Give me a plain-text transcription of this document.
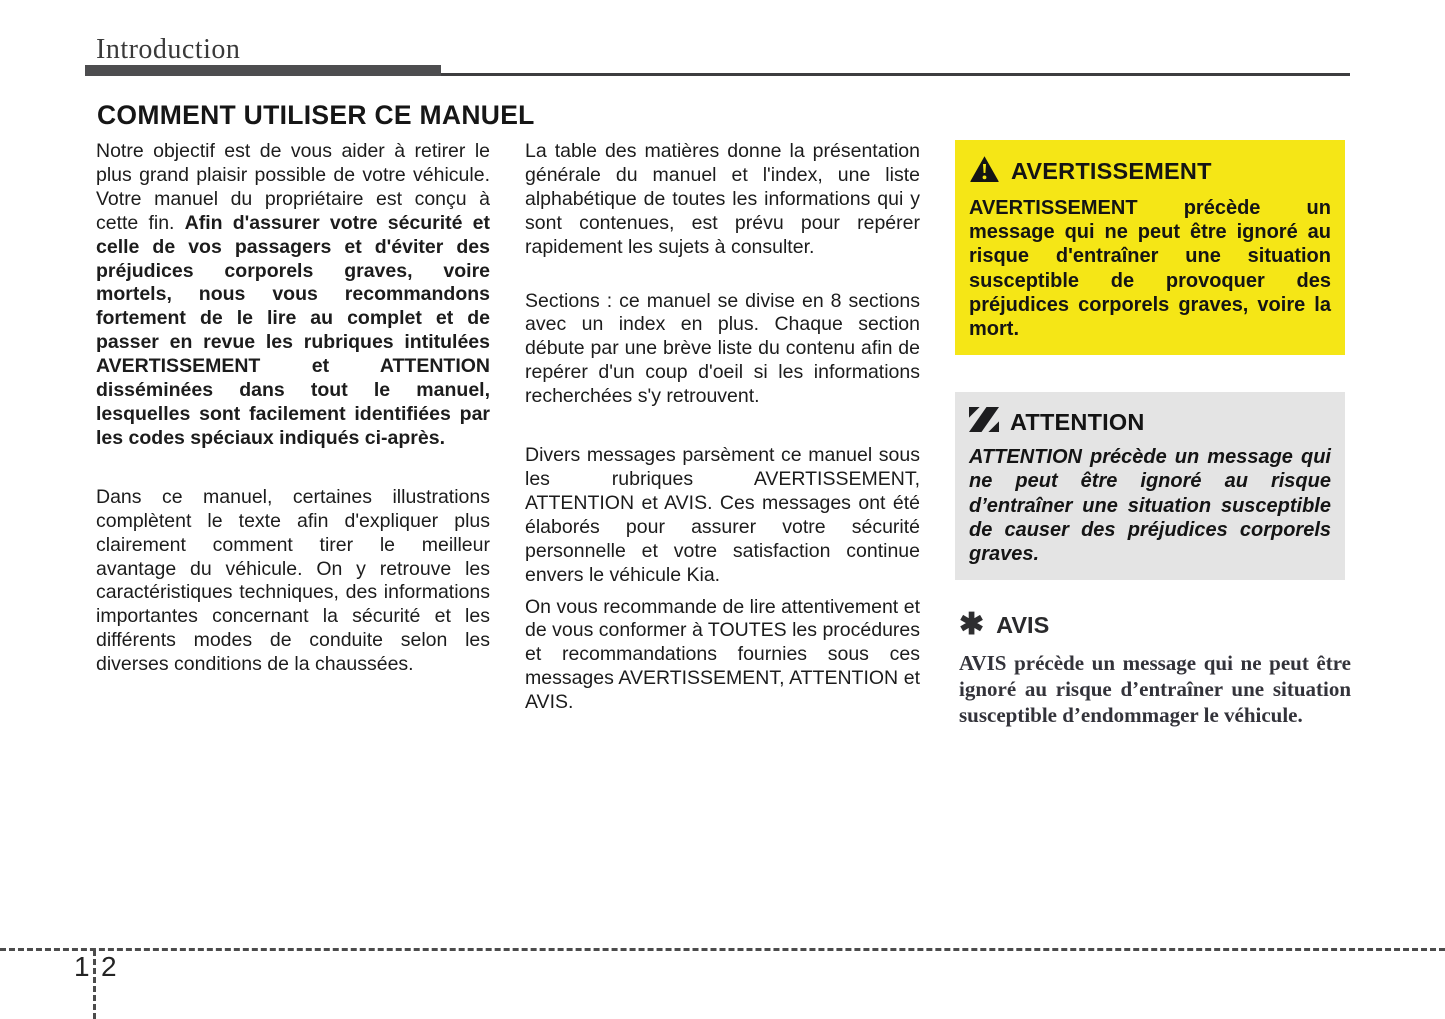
Introduction
COMMENT UTILISER CE MANUEL

Notre objectif est de vous aider à retirer le plus grand plaisir possible de votre véhicule. Votre manuel du propriétaire est conçu à cette fin. Afin d'assurer votre sécurité et celle de vos passagers et d'éviter des préjudices corporels graves, voire mortels, nous vous recommandons fortement de le lire au complet et de passer en revue les rubriques intitulées AVERTISSEMENT et ATTENTION disséminées dans tout le manuel, lesquelles sont facilement identifiées par les codes spéciaux indiqués ci-après.

Dans ce manuel, certaines illustrations complètent le texte afin d'expliquer plus clairement comment tirer le meilleur avantage du véhicule. On y retrouve les caractéristiques techniques, des informations importantes concernant la sécurité et les différents modes de conduite selon les diverses conditions de la chaussées.

La table des matières donne la présentation générale du manuel et l'index, une liste alphabétique de toutes les informations qui y sont contenues, est prévu pour repérer rapidement les sujets à consulter.

Sections : ce manuel se divise en 8 sections avec un index en plus. Chaque section débute par une brève liste du contenu afin de repérer d'un coup d'oeil si les informations recherchées s'y retrouvent.

Divers messages parsèment ce manuel sous les rubriques AVERTISSEMENT, ATTENTION et AVIS. Ces messages ont été élaborés pour assurer votre sécurité personnelle et votre satisfaction continue envers le véhicule Kia.

On vous recommande de lire attentivement et de vous conformer à TOUTES les procédures et recommandations fournies sous ces messages AVERTISSEMENT, ATTENTION et AVIS.

AVERTISSEMENT
AVERTISSEMENT précède un message qui ne peut être ignoré au risque d'entraîner une situation susceptible de provoquer des préjudices corporels graves, voire la mort.
ATTENTION
ATTENTION précède un message qui ne peut être ignoré au risque d’entraîner une situation susceptible de causer des préjudices corporels graves.
✱ AVIS
AVIS précède un message qui ne peut être ignoré au risque d’entraîner une situation susceptible d’endommager le véhicule.
1 2
